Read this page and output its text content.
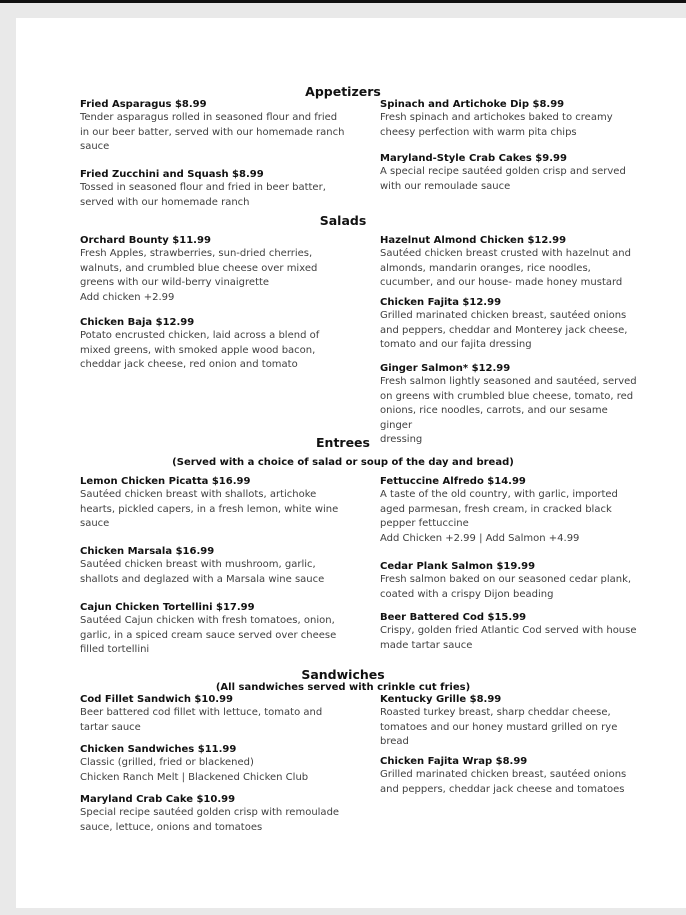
Appetizers
Fried Asparagus $8.99
Tender asparagus rolled in seasoned flour and fried
in our beer batter, served with our homemade ranch
sauce
Spinach and Artichoke Dip $8.99
Fresh spinach and artichokes baked to creamy
cheesy perfection with warm pita chips
Maryland-Style Crab Cakes $9.99
A special recipe sautéed golden crisp and served
with our remoulade sauce
Fried Zucchini and Squash $8.99
Tossed in seasoned flour and fried in beer batter,
served with our homemade ranch
Salads
Orchard Bounty $11.99
Fresh Apples, strawberries, sun-dried cherries,
walnuts, and crumbled blue cheese over mixed
greens with our wild-berry vinaigrette
Add chicken +2.99
Hazelnut Almond Chicken $12.99
Sautéed chicken breast crusted with hazelnut and
almonds, mandarin oranges, rice noodles,
cucumber, and our house- made honey mustard
Chicken Fajita $12.99
Grilled marinated chicken breast, sautéed onions
and peppers, cheddar and Monterey jack cheese,
tomato and our fajita dressing
Chicken Baja $12.99
Potato encrusted chicken, laid across a blend of
mixed greens, with smoked apple wood bacon,
cheddar jack cheese, red onion and tomato	Ginger Salmon* $12.99
Fresh salmon lightly seasoned and sautéed, served
on greens with crumbled blue cheese, tomato, red
onions, rice noodles, carrots, and our sesame ginger
dressing
Entrees
(Served with a choice of salad or soup of the day and bread)
Lemon Chicken Picatta $16.99
Sautéed chicken breast with shallots, artichoke
hearts, pickled capers, in a fresh lemon, white wine
sauce
Fettuccine Alfredo $14.99
A taste of the old country, with garlic, imported
aged parmesan, fresh cream, in cracked black
pepper fettuccine
Add Chicken +2.99 | Add Salmon +4.99
Chicken Marsala $16.99
Sautéed chicken breast with mushroom, garlic,
shallots and deglazed with a Marsala wine sauce
Cedar Plank Salmon $19.99
Fresh salmon baked on our seasoned cedar plank,
coated with a crispy Dijon beading
Cajun Chicken Tortellini $17.99
Sautéed Cajun chicken with fresh tomatoes, onion,
garlic, in a spiced cream sauce served over cheese
filled tortellini
Beer Battered Cod $15.99
Crispy, golden fried Atlantic Cod served with house
made tartar sauce
Sandwiches
(All sandwiches served with crinkle cut fries)
Cod Fillet Sandwich $10.99
Beer battered cod fillet with lettuce, tomato and
tartar sauce
Kentucky Grille $8.99
Roasted turkey breast, sharp cheddar cheese,
tomatoes and our honey mustard grilled on rye
bread
Chicken Sandwiches $11.99
Classic (grilled, fried or blackened)
Chicken Ranch Melt | Blackened Chicken Club
Chicken Fajita Wrap $8.99
Grilled marinated chicken breast, sautéed onions
and peppers, cheddar jack cheese and tomatoes
Maryland Crab Cake $10.99
Special recipe sautéed golden crisp with remoulade
sauce, lettuce, onions and tomatoes
